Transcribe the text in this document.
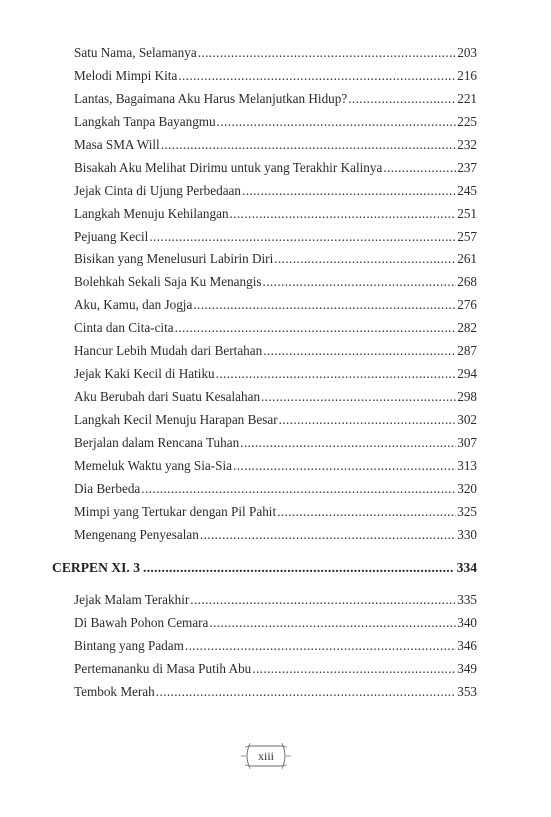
Satu Nama, Selamanya .....	203
Melodi Mimpi Kita .....	216
Lantas, Bagaimana Aku Harus Melanjutkan Hidup? .....	221
Langkah Tanpa Bayangmu .....	225
Masa SMA Will .....	232
Bisakah Aku Melihat Dirimu untuk yang Terakhir Kalinya .....	237
Jejak Cinta di Ujung Perbedaan .....	245
Langkah Menuju Kehilangan .....	251
Pejuang Kecil .....	257
Bisikan yang Menelusuri Labirin Diri .....	261
Bolehkah Sekali Saja Ku Menangis .....	268
Aku, Kamu, dan Jogja .....	276
Cinta dan Cita-cita .....	282
Hancur Lebih Mudah dari Bertahan .....	287
Jejak Kaki Kecil di Hatiku .....	294
Aku Berubah dari Suatu Kesalahan .....	298
Langkah Kecil Menuju Harapan Besar .....	302
Berjalan dalam Rencana Tuhan .....	307
Memeluk Waktu yang Sia-Sia .....	313
Dia Berbeda .....	320
Mimpi yang Tertukar dengan Pil Pahit .....	325
Mengenang Penyesalan .....	330
CERPEN XI. 3 .....	334
Jejak Malam Terakhir .....	335
Di Bawah Pohon Cemara .....	340
Bintang yang Padam .....	346
Pertemananku di Masa Putih Abu .....	349
Tembok Merah .....	353
xiii
